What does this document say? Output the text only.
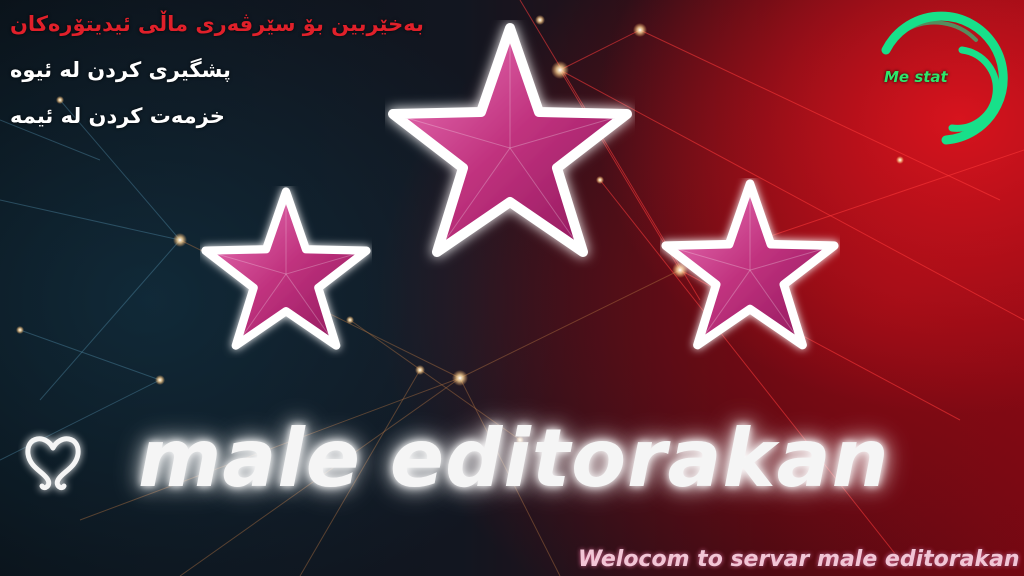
بەخێربین بۆ سێرڤەری ماڵی ئیدیتۆرەکان
پشگیری کردن لە ئیوە
خزمەت کردن لە ئیمە
Me stat
male editorakan
Welocom to servar male editorakan
